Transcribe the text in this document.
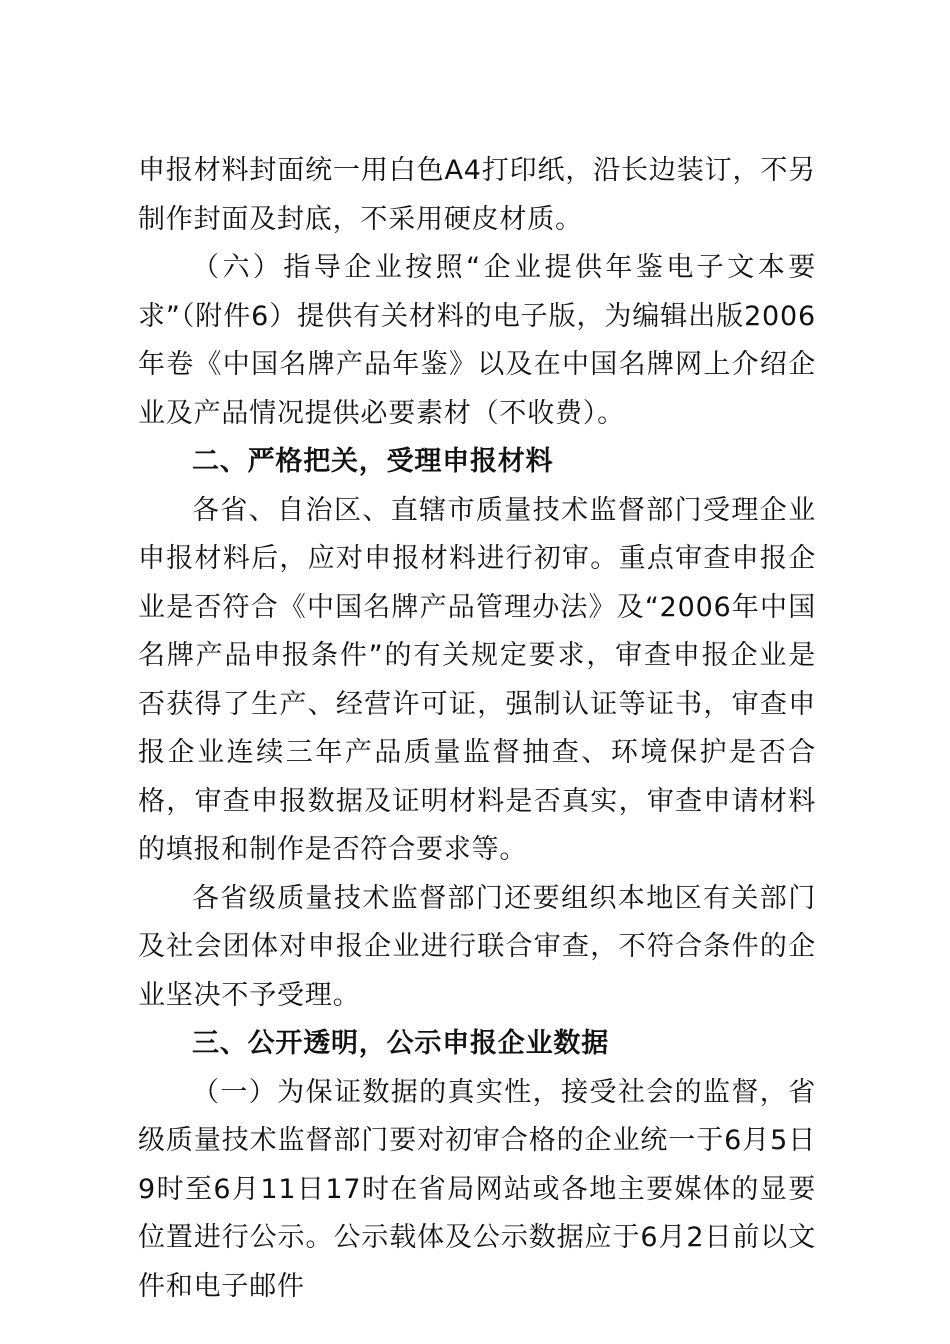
申报材料封面统一用白色A4打印纸，沿长边装订，不另制作封面及封底，不采用硬皮材质。

（六）指导企业按照“企业提供年鉴电子文本要求”（附件6）提供有关材料的电子版，为编辑出版2006年卷《中国名牌产品年鉴》以及在中国名牌网上介绍企业及产品情况提供必要素材（不收费）。

二、严格把关，受理申报材料

各省、自治区、直辖市质量技术监督部门受理企业申报材料后，应对申报材料进行初审。重点审查申报企业是否符合《中国名牌产品管理办法》及“2006年中国名牌产品申报条件”的有关规定要求，审查申报企业是否获得了生产、经营许可证，强制认证等证书，审查申报企业连续三年产品质量监督抽查、环境保护是否合格，审查申报数据及证明材料是否真实，审查申请材料的填报和制作是否符合要求等。

各省级质量技术监督部门还要组织本地区有关部门及社会团体对申报企业进行联合审查，不符合条件的企业坚决不予受理。

三、公开透明，公示申报企业数据

（一）为保证数据的真实性，接受社会的监督，省级质量技术监督部门要对初审合格的企业统一于6月5日9时至6月11日17时在省局网站或各地主要媒体的显要位置进行公示。公示载体及公示数据应于6月2日前以文件和电子邮件
